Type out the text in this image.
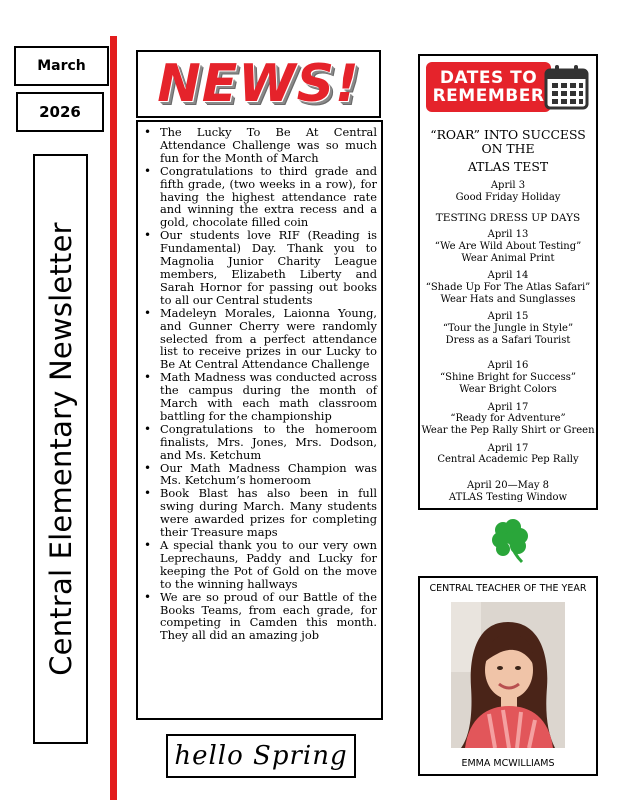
March
2026
Central Elementary Newsletter
NEWS!
• The Lucky To Be At Central Attendance Challenge was so much fun for the Month of March
• Congratulations to third grade and fifth grade, (two weeks in a row), for having the highest attendance rate and winning the extra recess and a gold, chocolate filled coin
• Our students love RIF (Reading is Fundamental) Day. Thank you to Magnolia Junior Charity League members, Elizabeth Liberty and Sarah Hornor for passing out books to all our Central students
• Madeleyn Morales, Laionna Young, and Gunner Cherry were randomly selected from a perfect attendance list to receive prizes in our Lucky to Be At Central Attendance Challenge
• Math Madness was conducted across the campus during the month of March with each math classroom battling for the championship
• Congratulations to the homeroom finalists, Mrs. Jones, Mrs. Dodson, and Ms. Ketchum
• Our Math Madness Champion was Ms. Ketchum’s homeroom
• Book Blast has also been in full swing during March. Many students were awarded prizes for completing their Treasure maps
• A special thank you to our very own Leprechauns, Paddy and Lucky for keeping the Pot of Gold on the move to the winning hallways
• We are so proud of our Battle of the Books Teams, from each grade, for competing in Camden this month. They all did an amazing job
hello Spring
DATES TO REMEMBER
“ROAR” INTO SUCCESS
ON THE
ATLAS TEST
April 3
Good Friday Holiday
TESTING DRESS UP DAYS
April 13
“We Are Wild About Testing”
Wear Animal Print
April 14
“Shade Up For The Atlas Safari”
Wear Hats and Sunglasses
April 15
“Tour the Jungle in Style”
Dress as a Safari Tourist
April 16
“Shine Bright for Success”
Wear Bright Colors
April 17
“Ready for Adventure”
Wear the Pep Rally Shirt or Green
April 17
Central Academic Pep Rally
April 20—May 8
ATLAS Testing Window
CENTRAL TEACHER OF THE YEAR
EMMA MCWILLIAMS
